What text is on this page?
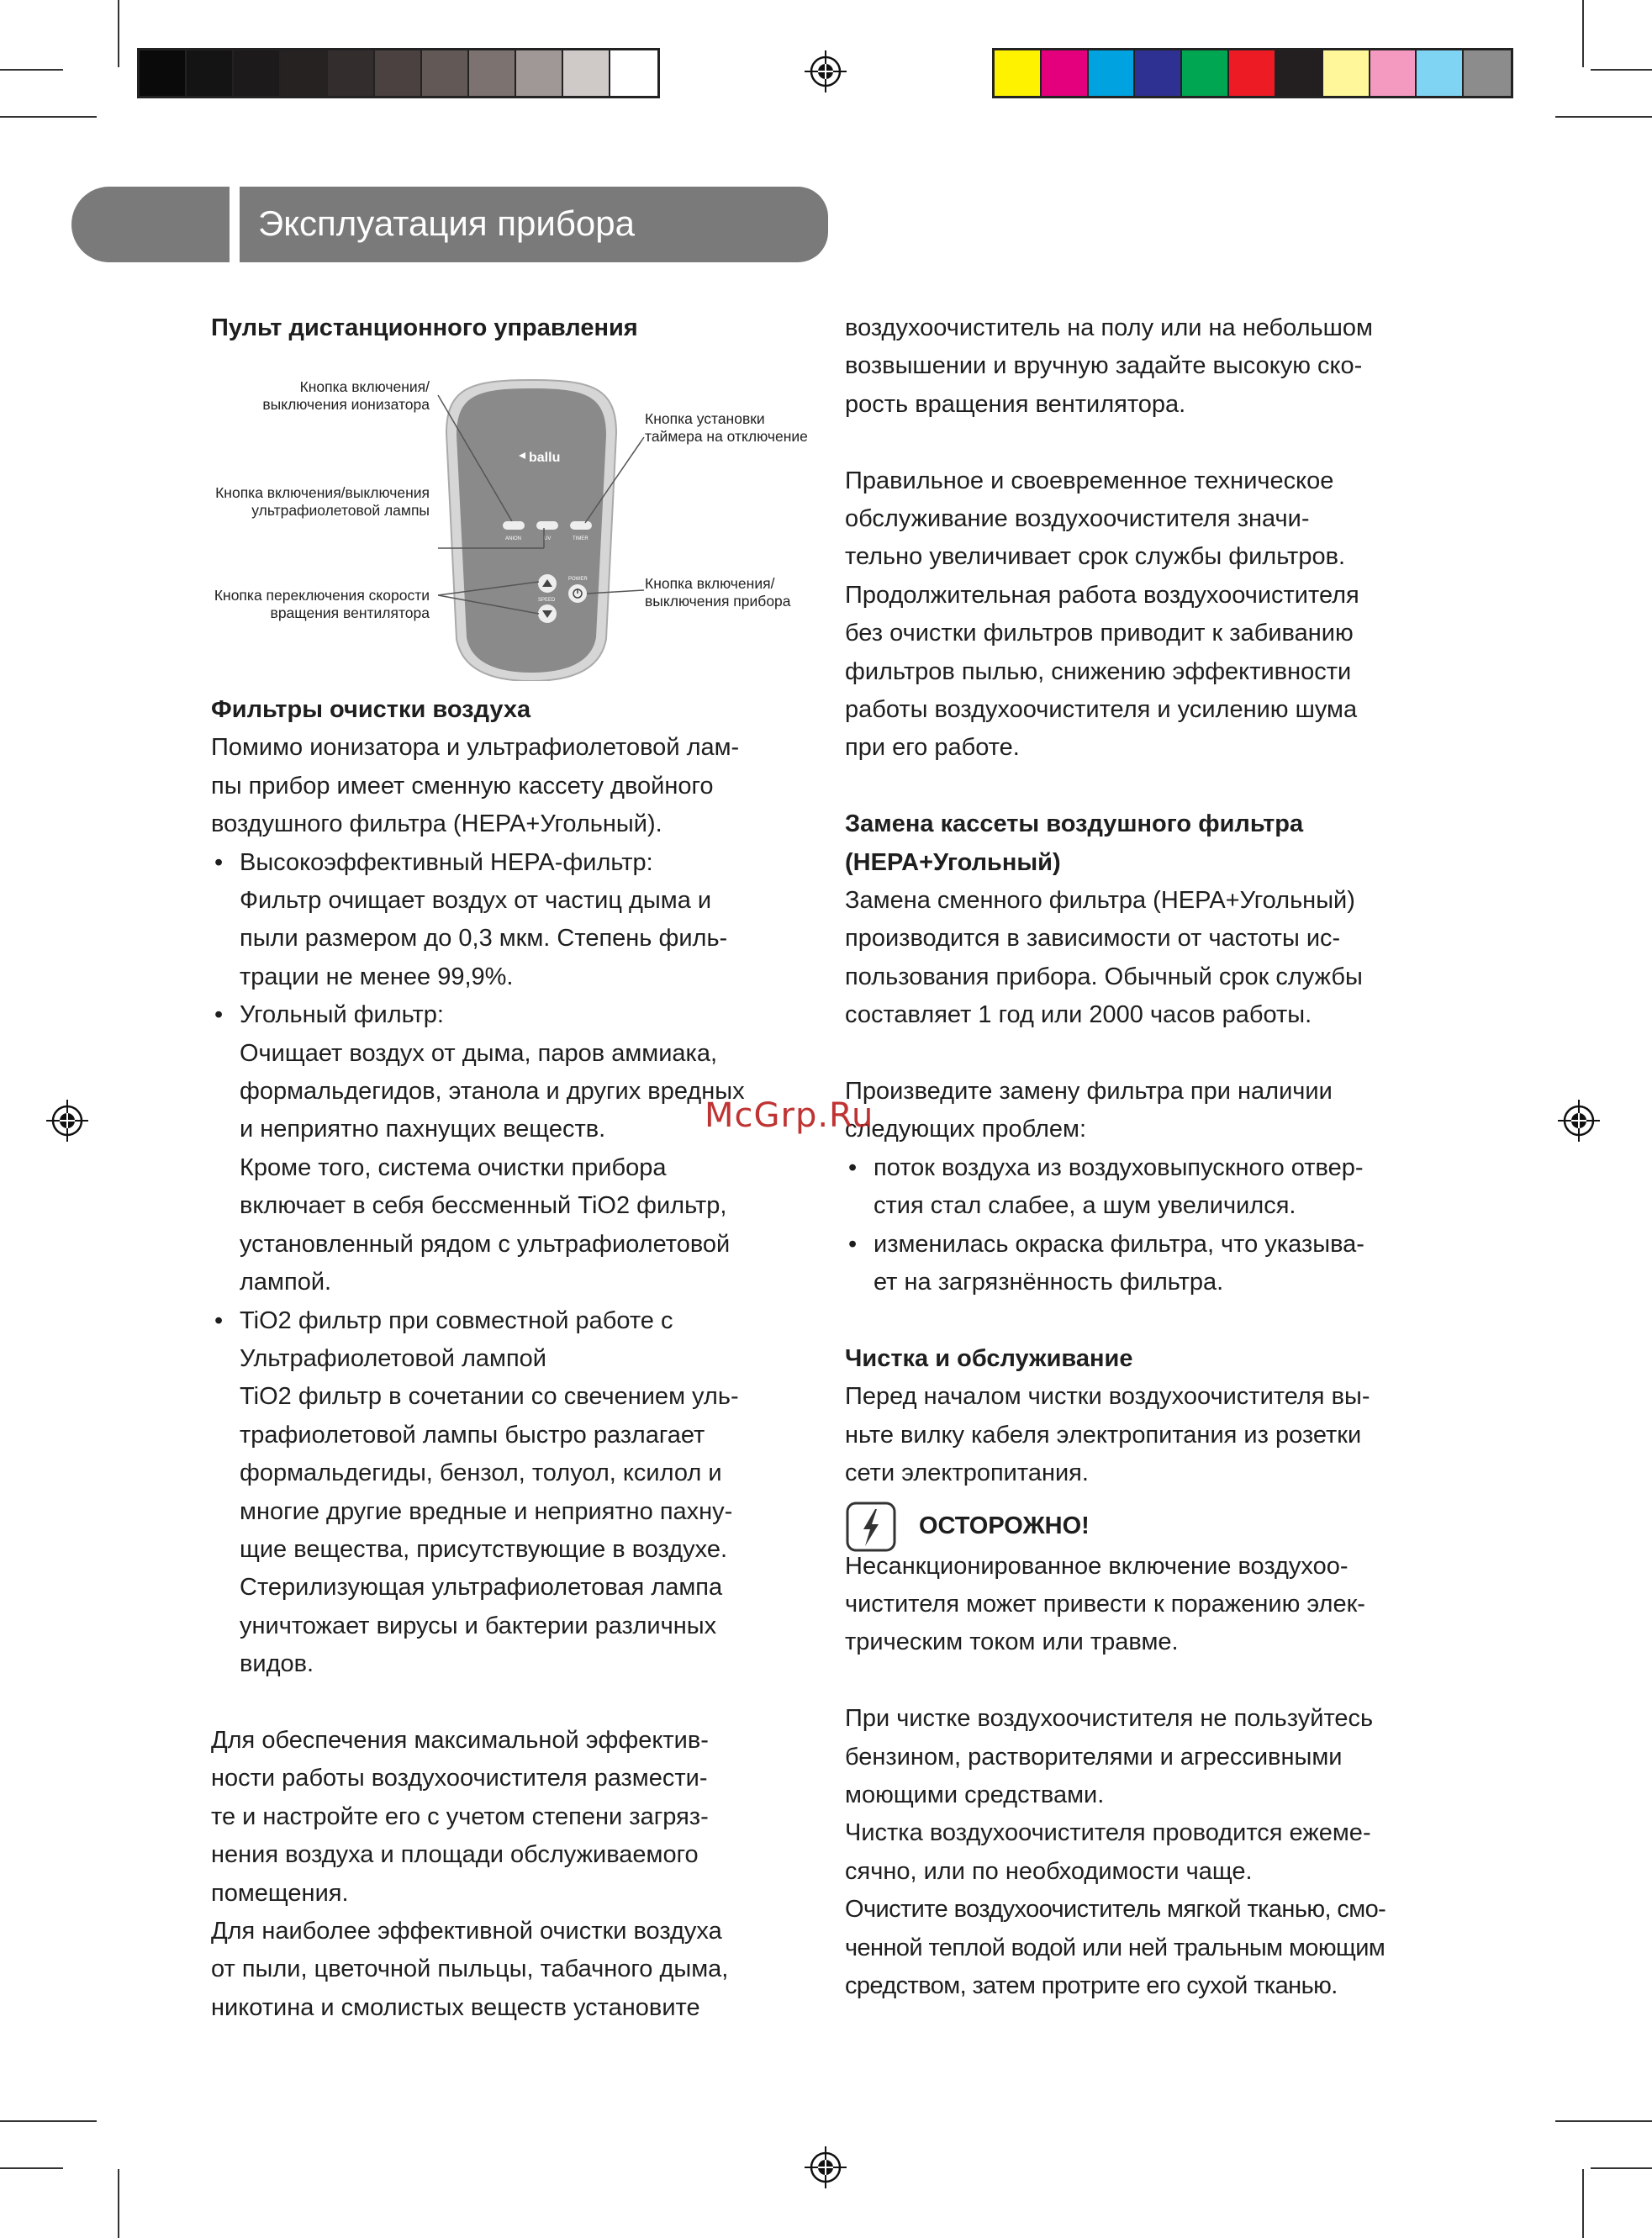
Эксплуатация прибора
Пульт дистанционного управления
ballu
ANION	UV	TIMER
SPEED
POWER
Кнопка включения/
выключения ионизатора
Кнопка включения/выключения
ультрафиолетовой лампы
Кнопка переключения скорости
вращения вентилятора
Кнопка установки
таймера на отключение
Кнопка включения/
выключения прибора
Фильтры очистки воздуха

Помимо ионизатора и ультрафиолетовой лам-

пы прибор имеет сменную кассету двойного

воздушного фильтра (HEPA+Угольный).

• Высокоэффективный HEPA-фильтр:

Фильтр очищает воздух от частиц дыма и

пыли размером до 0,3 мкм. Степень филь-

трации не менее 99,9%.

• Угольный фильтр:

Очищает воздух от дыма, паров аммиака,

формальдегидов, этанола и других вредных

и неприятно пахнущих веществ.

Кроме того, система очистки прибора

включает в себя бессменный TiO2 фильтр,

установленный рядом с ультрафиолетовой

лампой.

• TiO2 фильтр при совместной работе с

Ультрафиолетовой лампой

TiO2 фильтр в сочетании со свечением уль-

трафиолетовой лампы быстро разлагает

формальдегиды, бензол, толуол, ксилол и

многие другие вредные и неприятно пахну-

щие вещества, присутствующие в воздухе.

Стерилизующая ультрафиолетовая лампа

уничтожает вирусы и бактерии различных

видов.

Для обеспечения максимальной эффектив-

ности работы воздухоочистителя размести-

те и настройте его с учетом степени загряз-

нения воздуха и площади обслуживаемого

помещения.

Для наиболее эффективной очистки воздуха

от пыли, цветочной пыльцы, табачного дыма,

никотина и смолистых веществ установите

воздухоочиститель на полу или на небольшом

возвышении и вручную задайте высокую ско-

рость вращения вентилятора.

Правильное и своевременное техническое

обслуживание воздухоочистителя значи-

тельно увеличивает срок службы фильтров.

Продолжительная работа воздухоочистителя

без очистки фильтров приводит к забиванию

фильтров пылью, снижению эффективности

работы воздухоочистителя и усилению шума

при его работе.

Замена кассеты воздушного фильтра
(HEPA+Угольный)

Замена сменного фильтра (HEPA+Угольный)

производится в зависимости от частоты ис-

пользования прибора. Обычный срок службы

составляет 1 год или 2000 часов работы.

Произведите замену фильтра при наличии

следующих проблем:

• поток воздуха из воздуховыпускного отвер-

стия стал слабее, а шум увеличился.

• изменилась окраска фильтра, что указыва-

ет на загрязнённость фильтра.

Чистка и обслуживание

Перед началом чистки воздухоочистителя вы-

ньте вилку кабеля электропитания из розетки

сети электропитания.

ОСТОРОЖНО!

Несанкционированное включение воздухоо-

чистителя может привести к поражению элек-

трическим током или травме.

При чистке воздухоочистителя не пользуйтесь

бензином, растворителями и агрессивными

моющими средствами.

Чистка воздухоочистителя проводится ежеме-

сячно, или по необходимости чаще.

Очистите воздухоочиститель мягкой тканью, смо-

ченной теплой водой или ней тральным моющим

средством, затем протрите его сухой тканью.

McGrp.Ru
